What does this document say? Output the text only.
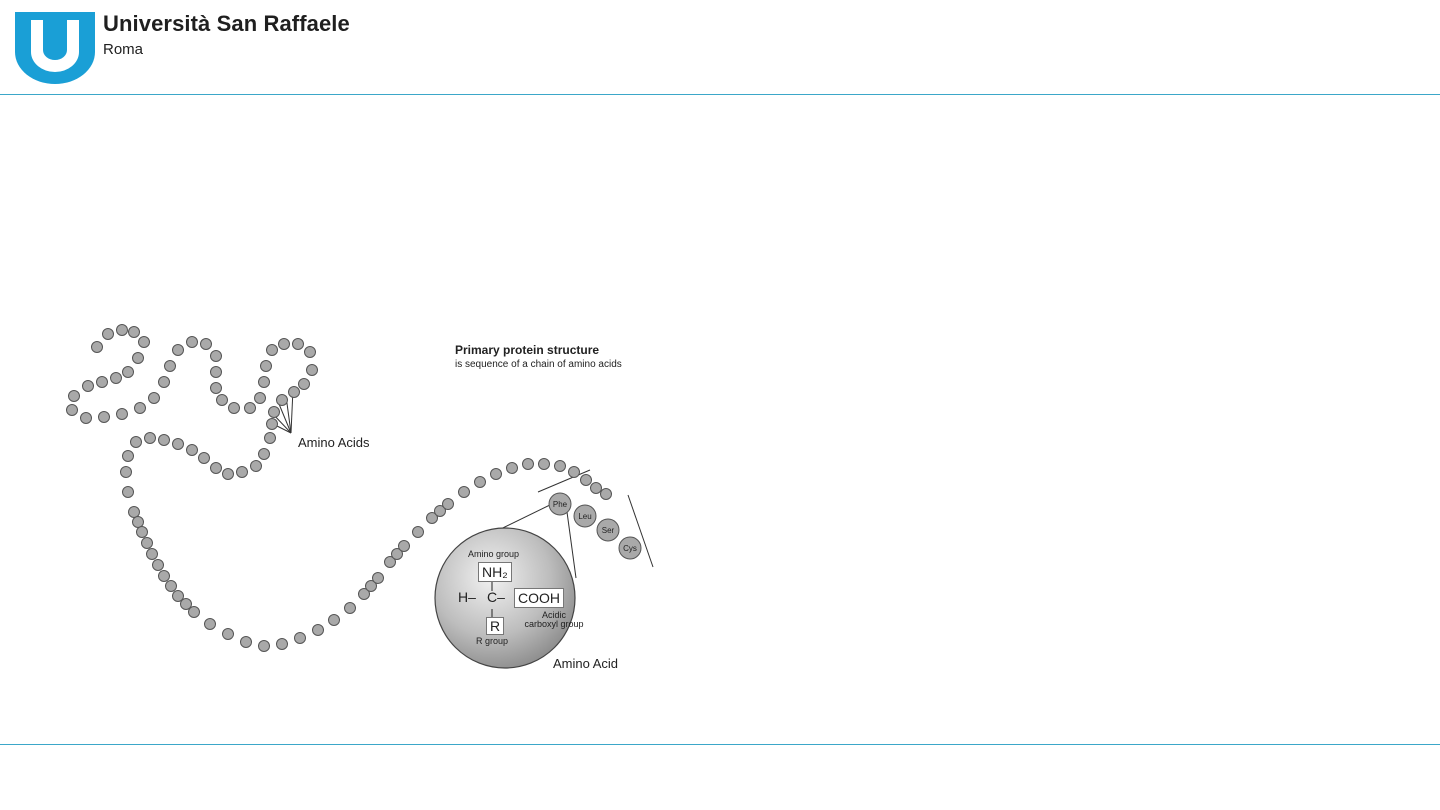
Università San Raffaele
Roma
Phe
Leu
Ser
Cys
Primary protein structure
is sequence of a chain of amino acids
Amino Acids
Amino Acid
Amino group
NH₂
H– C– COOH
R
R group
Acidic carboxyl group
